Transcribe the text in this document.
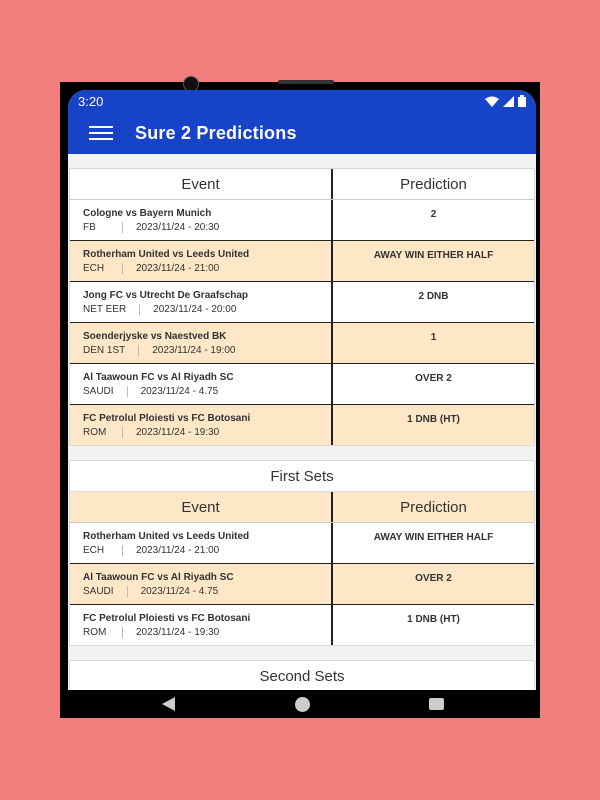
3:20
Sure 2 Predictions
Event	Prediction
Cologne vs Bayern Munich
FB	2023/11/24 - 20:30
2
Rotherham United vs Leeds United
ECH	2023/11/24 - 21:00
AWAY WIN EITHER HALF
Jong FC vs Utrecht De Graafschap
NET EER	2023/11/24 - 20:00
2 DNB
Soenderjyske vs Naestved BK
DEN 1ST	2023/11/24 - 19:00
1
Al Taawoun FC vs Al Riyadh SC
SAUDI	2023/11/24 - 4.75
OVER 2
FC Petrolul Ploiesti vs FC Botosani
ROM	2023/11/24 - 19:30
1 DNB (HT)
First Sets
Event	Prediction
Rotherham United vs Leeds United
ECH	2023/11/24 - 21:00
AWAY WIN EITHER HALF
Al Taawoun FC vs Al Riyadh SC
SAUDI	2023/11/24 - 4.75
OVER 2
FC Petrolul Ploiesti vs FC Botosani
ROM	2023/11/24 - 19:30
1 DNB (HT)
Second Sets
